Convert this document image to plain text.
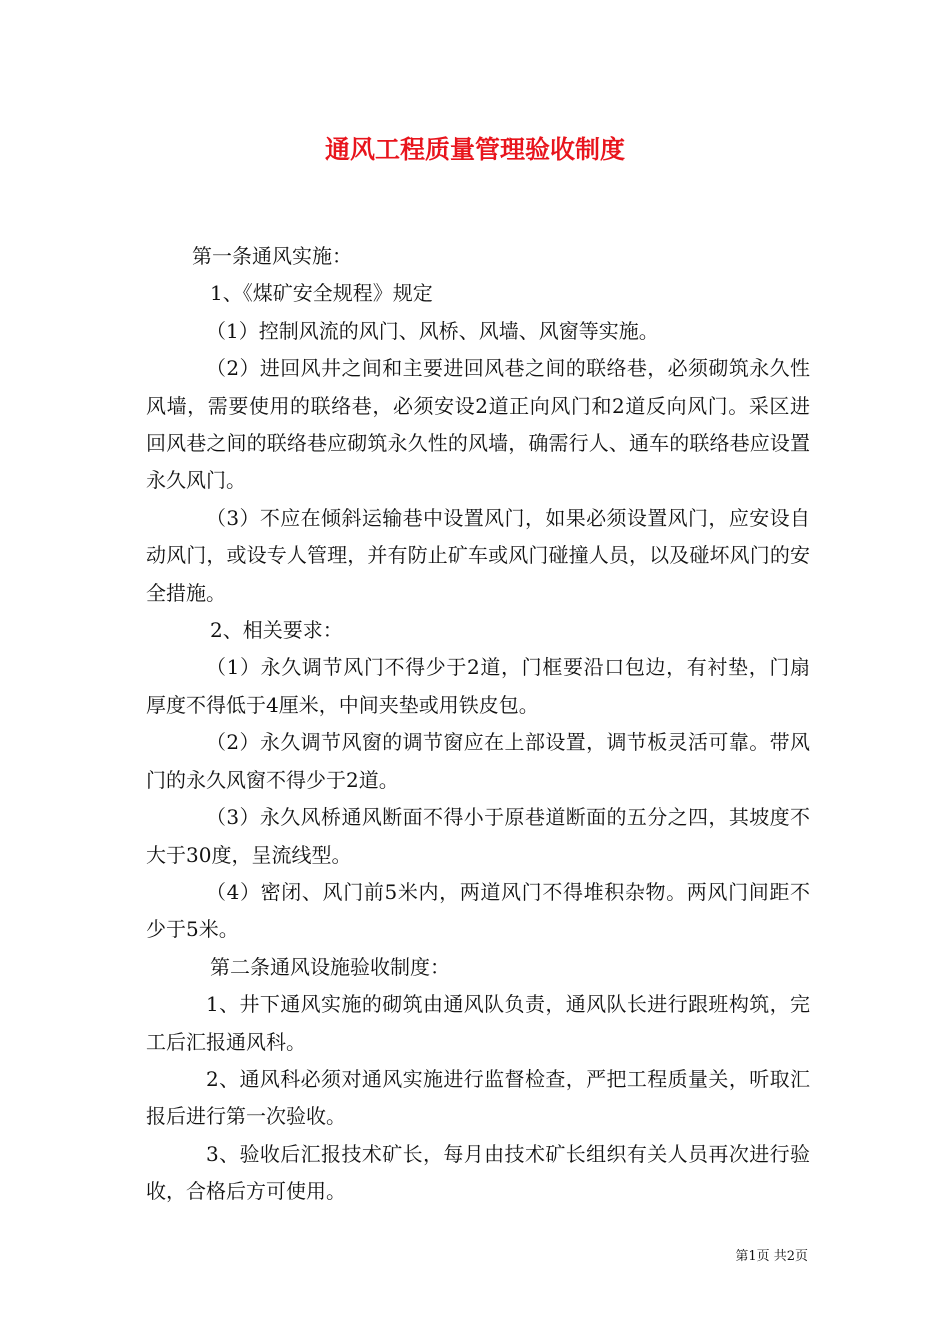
通风工程质量管理验收制度

第一条通风实施：

1、《煤矿安全规程》规定

（1）控制风流的风门、风桥、风墙、风窗等实施。

（2）进回风井之间和主要进回风巷之间的联络巷，必须砌筑永久性风墙，需要使用的联络巷，必须安设2道正向风门和2道反向风门。采区进回风巷之间的联络巷应砌筑永久性的风墙，确需行人、通车的联络巷应设置永久风门。

（3）不应在倾斜运输巷中设置风门，如果必须设置风门，应安设自动风门，或设专人管理，并有防止矿车或风门碰撞人员，以及碰坏风门的安全措施。

2、相关要求：

（1）永久调节风门不得少于2道，门框要沿口包边，有衬垫，门扇厚度不得低于4厘米，中间夹垫或用铁皮包。

（2）永久调节风窗的调节窗应在上部设置，调节板灵活可靠。带风门的永久风窗不得少于2道。

（3）永久风桥通风断面不得小于原巷道断面的五分之四，其坡度不大于30度，呈流线型。

（4）密闭、风门前5米内，两道风门不得堆积杂物。两风门间距不少于5米。

第二条通风设施验收制度：

1、井下通风实施的砌筑由通风队负责，通风队长进行跟班构筑，完工后汇报通风科。

2、通风科必须对通风实施进行监督检查，严把工程质量关，听取汇报后进行第一次验收。

3、验收后汇报技术矿长，每月由技术矿长组织有关人员再次进行验收，合格后方可使用。

第1页 共2页
